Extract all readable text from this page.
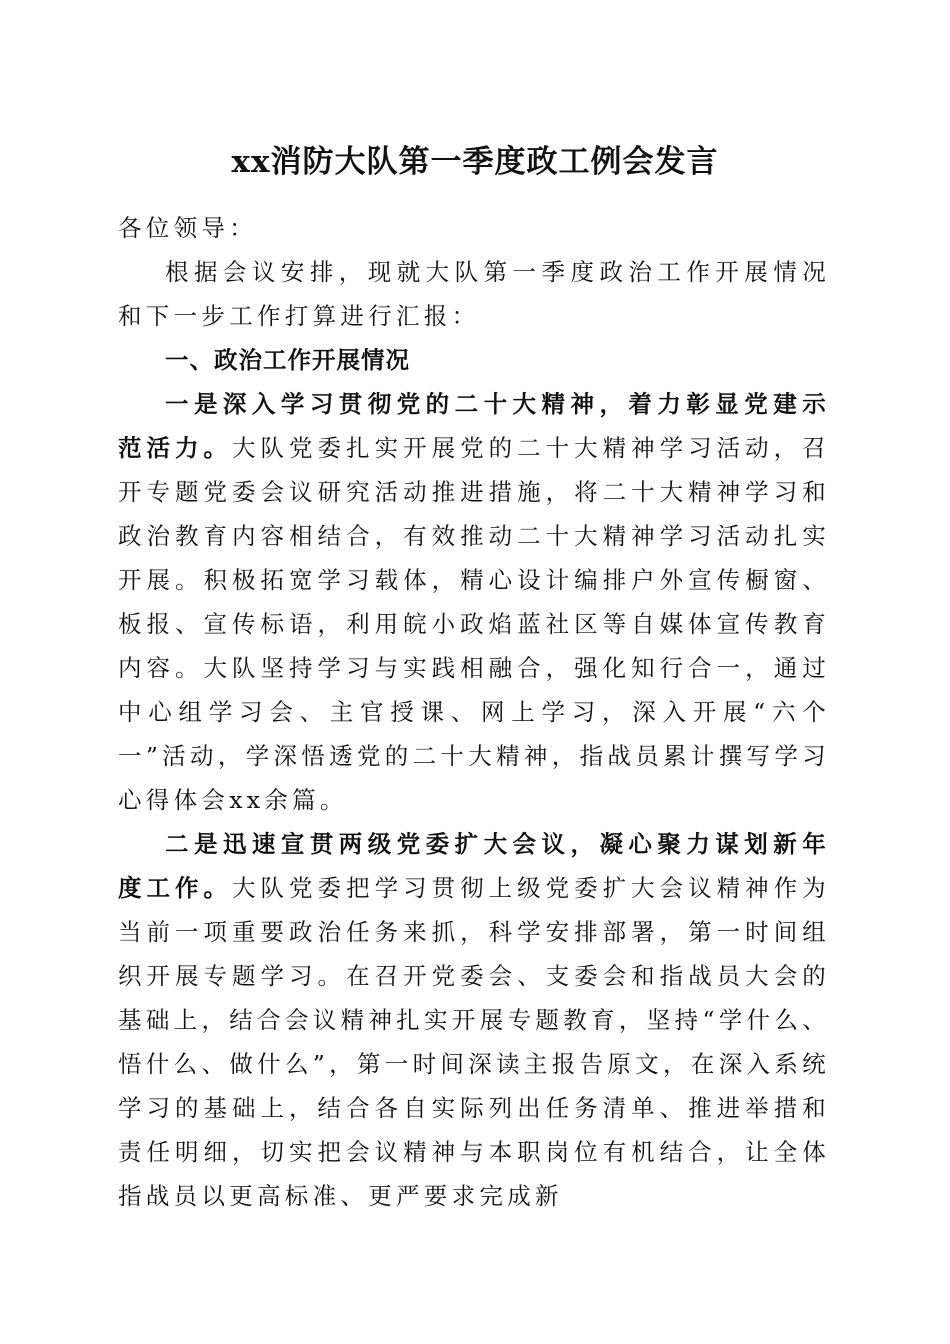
xx消防大队第一季度政工例会发言

各位领导：

根据会议安排，现就大队第一季度政治工作开展情况和下一步工作打算进行汇报：

一、政治工作开展情况

一是深入学习贯彻党的二十大精神，着力彰显党建示范活力。大队党委扎实开展党的二十大精神学习活动，召开专题党委会议研究活动推进措施，将二十大精神学习和政治教育内容相结合，有效推动二十大精神学习活动扎实开展。积极拓宽学习载体，精心设计编排户外宣传橱窗、板报、宣传标语，利用皖小政焰蓝社区等自媒体宣传教育内容。大队坚持学习与实践相融合，强化知行合一，通过中心组学习会、主官授课、网上学习，深入开展“六个一”活动，学深悟透党的二十大精神，指战员累计撰写学习心得体会xx余篇。

二是迅速宣贯两级党委扩大会议，凝心聚力谋划新年度工作。大队党委把学习贯彻上级党委扩大会议精神作为当前一项重要政治任务来抓，科学安排部署，第一时间组织开展专题学习。在召开党委会、支委会和指战员大会的基础上，结合会议精神扎实开展专题教育，坚持“学什么、悟什么、做什么”，第一时间深读主报告原文，在深入系统学习的基础上，结合各自实际列出任务清单、推进举措和责任明细，切实把会议精神与本职岗位有机结合，让全体指战员以更高标准、更严要求完成新
